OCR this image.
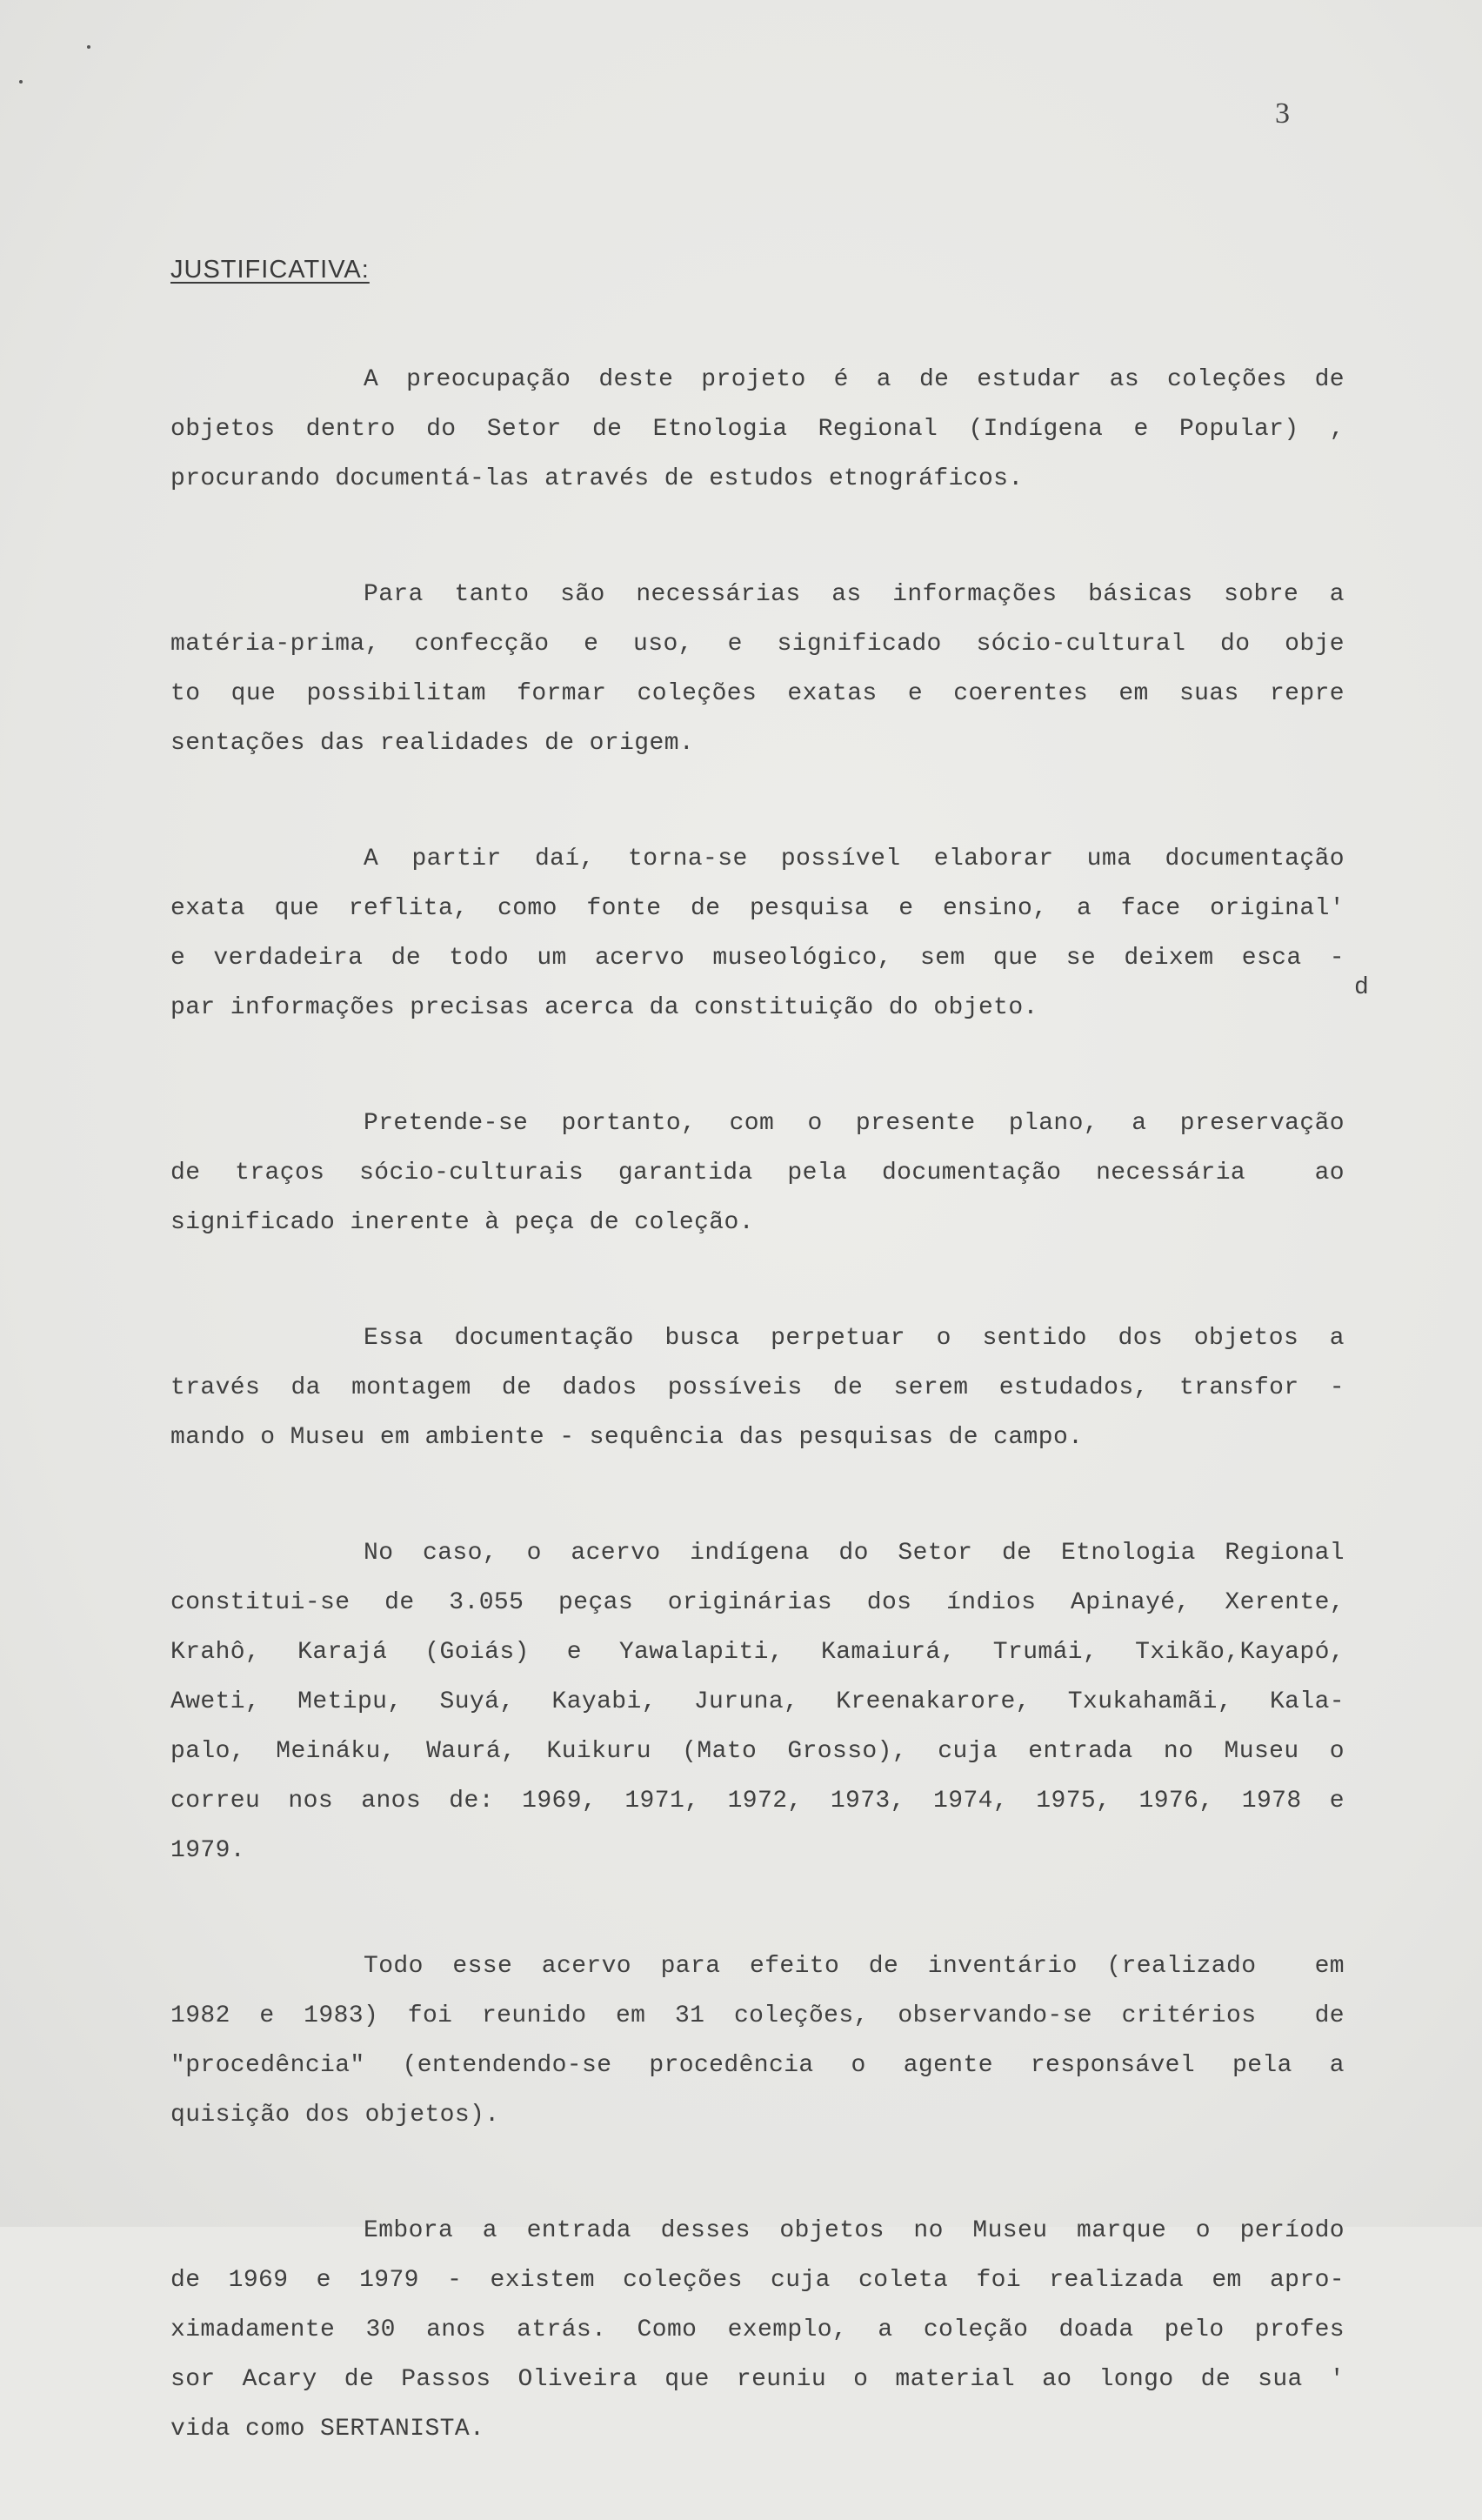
3
JUSTIFICATIVA:
d
A preocupação deste projeto é a de estudar as coleções de
objetos dentro do Setor de Etnologia Regional (Indígena e Popular) ,
procurando documentá-las através de estudos etnográficos.
Para tanto são necessárias as informações básicas sobre a
matéria-prima, confecção e uso, e significado sócio-cultural do obje
to que possibilitam formar coleções exatas e coerentes em suas repre
sentações das realidades de origem.
A partir daí, torna-se possível elaborar uma documentação
exata que reflita, como fonte de pesquisa e ensino, a face original'
e verdadeira de todo um acervo museológico, sem que se deixem esca -
par informações precisas acerca da constituição do objeto.
Pretende-se portanto, com o presente plano, a preservação
de traços sócio-culturais garantida pela documentação necessária  ao
significado inerente à peça de coleção.
Essa documentação busca perpetuar o sentido dos objetos a
través da montagem de dados possíveis de serem estudados, transfor -
mando o Museu em ambiente - sequência das pesquisas de campo.
No caso, o acervo indígena do Setor de Etnologia Regional
constitui-se de 3.055 peças originárias dos índios Apinayé, Xerente,
Krahô, Karajá (Goiás) e Yawalapiti, Kamaiurá, Trumái, Txikão,Kayapó,
Aweti, Metipu, Suyá, Kayabi, Juruna, Kreenakarore, Txukahamãi, Kala-
palo, Meináku, Waurá, Kuikuru (Mato Grosso), cuja entrada no Museu o
correu nos anos de: 1969, 1971, 1972, 1973, 1974, 1975, 1976, 1978 e
1979.
Todo esse acervo para efeito de inventário (realizado  em
1982 e 1983) foi reunido em 31 coleções, observando-se critérios  de
"procedência" (entendendo-se procedência o agente responsável pela a
quisição dos objetos).
Embora a entrada desses objetos no Museu marque o período
de 1969 e 1979 - existem coleções cuja coleta foi realizada em apro-
ximadamente 30 anos atrás. Como exemplo, a coleção doada pelo profes
sor Acary de Passos Oliveira que reuniu o material ao longo de sua '
vida como SERTANISTA.
